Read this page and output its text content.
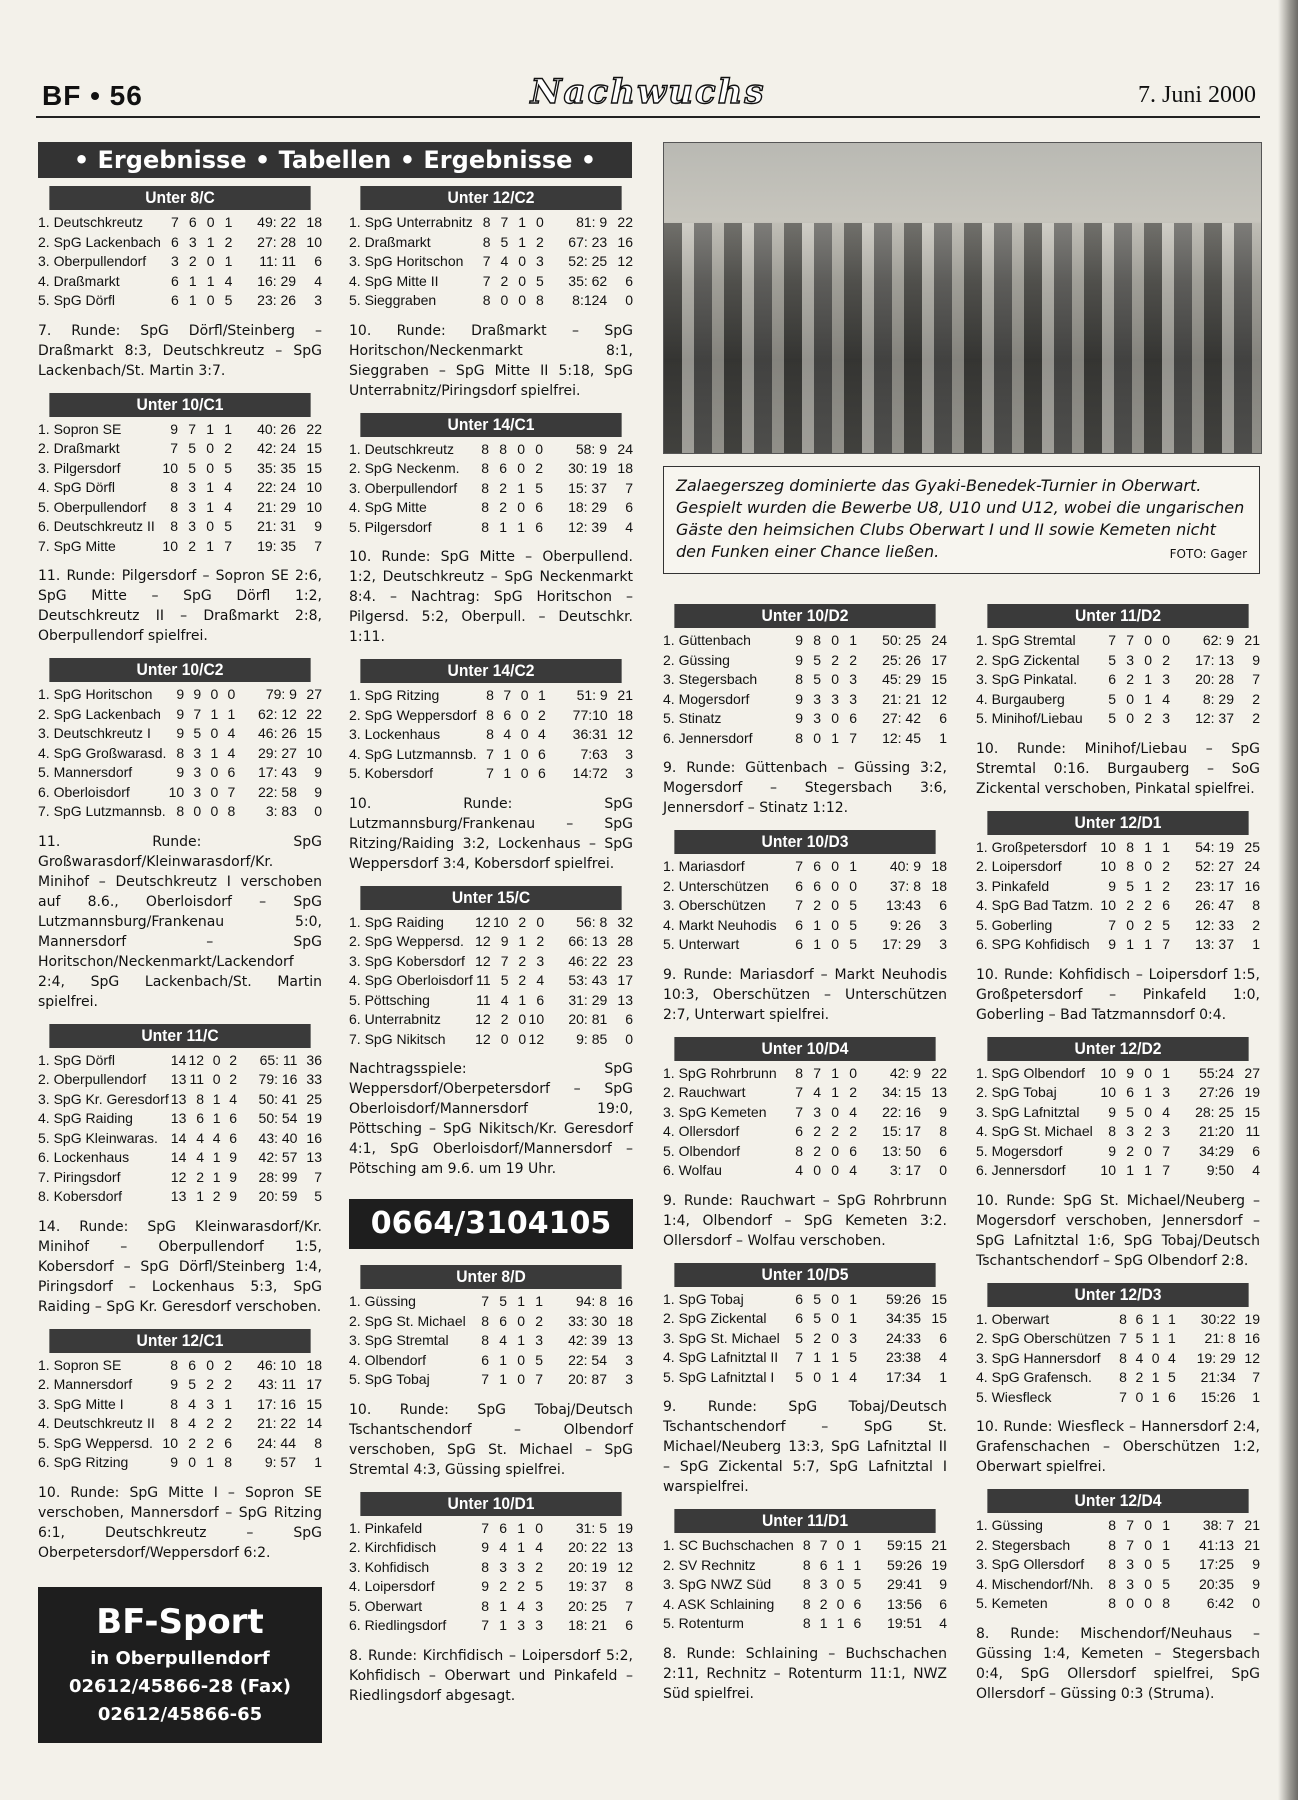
BF • 56	Nachwuchs	7. Juni 2000
• Ergebnisse • Tabellen • Ergebnisse •
Unter 8/C
1. Deutschkreutz	7	6	0	1	49: 22	18
2. SpG Lackenbach	6	3	1	2	27: 28	10
3. Oberpullendorf	3	2	0	1	11: 11	6
4. Draßmarkt	6	1	1	4	16: 29	4
5. SpG Dörfl	6	1	0	5	23: 26	3
7. Runde: SpG Dörfl/Steinberg – Draßmarkt 8:3, Deutschkreutz – SpG Lackenbach/St. Martin 3:7.
Unter 10/C1
1. Sopron SE	9	7	1	1	40: 26	22
2. Draßmarkt	7	5	0	2	42: 24	15
3. Pilgersdorf	10	5	0	5	35: 35	15
4. SpG Dörfl	8	3	1	4	22: 24	10
5. Oberpullendorf	8	3	1	4	21: 29	10
6. Deutschkreutz II	8	3	0	5	21: 31	9
7. SpG Mitte	10	2	1	7	19: 35	7
11. Runde: Pilgersdorf – Sopron SE 2:6, SpG Mitte – SpG Dörfl 1:2, Deutschkreutz II – Draßmarkt 2:8, Oberpullendorf spielfrei.
Unter 10/C2
1. SpG Horitschon	9	9	0	0	79: 9	27
2. SpG Lackenbach	9	7	1	1	62: 12	22
3. Deutschkreutz I	9	5	0	4	46: 26	15
4. SpG Großwarasd.	8	3	1	4	29: 27	10
5. Mannersdorf	9	3	0	6	17: 43	9
6. Oberloisdorf	10	3	0	7	22: 58	9
7. SpG Lutzmannsb.	8	0	0	8	3: 83	0
11. Runde: SpG Großwarasdorf/Kleinwarasdorf/Kr. Minihof – Deutschkreutz I verschoben auf 8.6., Oberloisdorf – SpG Lutzmannsburg/Frankenau 5:0, Mannersdorf – SpG Horitschon/Neckenmarkt/Lackendorf 2:4, SpG Lackenbach/St. Martin spielfrei.
Unter 11/C
1. SpG Dörfl	14	12	0	2	65: 11	36
2. Oberpullendorf	13	11	0	2	79: 16	33
3. SpG Kr. Geresdorf	13	8	1	4	50: 41	25
4. SpG Raiding	13	6	1	6	50: 54	19
5. SpG Kleinwaras.	14	4	4	6	43: 40	16
6. Lockenhaus	14	4	1	9	42: 57	13
7. Piringsdorf	12	2	1	9	28: 99	7
8. Kobersdorf	13	1	2	9	20: 59	5
14. Runde: SpG Kleinwarasdorf/Kr. Minihof – Oberpullendorf 1:5, Kobersdorf – SpG Dörfl/Steinberg 1:4, Piringsdorf – Lockenhaus 5:3, SpG Raiding – SpG Kr. Geresdorf verschoben.
Unter 12/C1
1. Sopron SE	8	6	0	2	46: 10	18
2. Mannersdorf	9	5	2	2	43: 11	17
3. SpG Mitte I	8	4	3	1	17: 16	15
4. Deutschkreutz II	8	4	2	2	21: 22	14
5. SpG Weppersd.	10	2	2	6	24: 44	8
6. SpG Ritzing	9	0	1	8	9: 57	1
10. Runde: SpG Mitte I – Sopron SE verschoben, Mannersdorf – SpG Ritzing 6:1, Deutschkreutz – SpG Oberpetersdorf/Weppersdorf 6:2.
BF-Sport
in Oberpullendorf
02612/45866-28 (Fax)
02612/45866-65
Unter 12/C2
1. SpG Unterrabnitz	8	7	1	0	81: 9	22
2. Draßmarkt	8	5	1	2	67: 23	16
3. SpG Horitschon	7	4	0	3	52: 25	12
4. SpG Mitte II	7	2	0	5	35: 62	6
5. Sieggraben	8	0	0	8	8:124	0
10. Runde: Draßmarkt – SpG Horitschon/Neckenmarkt 8:1, Sieggraben – SpG Mitte II 5:18, SpG Unterrabnitz/Piringsdorf spielfrei.
Unter 14/C1
1. Deutschkreutz	8	8	0	0	58: 9	24
2. SpG Neckenm.	8	6	0	2	30: 19	18
3. Oberpullendorf	8	2	1	5	15: 37	7
4. SpG Mitte	8	2	0	6	18: 29	6
5. Pilgersdorf	8	1	1	6	12: 39	4
10. Runde: SpG Mitte – Oberpullend. 1:2, Deutschkreutz – SpG Neckenmarkt 8:4. – Nachtrag: SpG Horitschon – Pilgersd. 5:2, Oberpull. – Deutschkr. 1:11.
Unter 14/C2
1. SpG Ritzing	8	7	0	1	51: 9	21
2. SpG Weppersdorf	8	6	0	2	77:10	18
3. Lockenhaus	8	4	0	4	36:31	12
4. SpG Lutzmannsb.	7	1	0	6	7:63	3
5. Kobersdorf	7	1	0	6	14:72	3
10. Runde: SpG Lutzmannsburg/Frankenau – SpG Ritzing/Raiding 3:2, Lockenhaus – SpG Weppersdorf 3:4, Kobersdorf spielfrei.
Unter 15/C
1. SpG Raiding	12	10	2	0	56: 8	32
2. SpG Weppersd.	12	9	1	2	66: 13	28
3. SpG Kobersdorf	12	7	2	3	46: 22	23
4. SpG Oberloisdorf	11	5	2	4	53: 43	17
5. Pöttsching	11	4	1	6	31: 29	13
6. Unterrabnitz	12	2	0	10	20: 81	6
7. SpG Nikitsch	12	0	0	12	9: 85	0
Nachtragsspiele: SpG Weppersdorf/Oberpetersdorf – SpG Oberloisdorf/Mannersdorf 19:0, Pöttsching – SpG Nikitsch/Kr. Geresdorf 4:1, SpG Oberloisdorf/Mannersdorf – Pötsching am 9.6. um 19 Uhr.
0664/3104105
Unter 8/D
1. Güssing	7	5	1	1	94: 8	16
2. SpG St. Michael	8	6	0	2	33: 30	18
3. SpG Stremtal	8	4	1	3	42: 39	13
4. Olbendorf	6	1	0	5	22: 54	3
5. SpG Tobaj	7	1	0	7	20: 87	3
10. Runde: SpG Tobaj/Deutsch Tschantschendorf – Olbendorf verschoben, SpG St. Michael – SpG Stremtal 4:3, Güssing spielfrei.
Unter 10/D1
1. Pinkafeld	7	6	1	0	31: 5	19
2. Kirchfidisch	9	4	1	4	20: 22	13
3. Kohfidisch	8	3	3	2	20: 19	12
4. Loipersdorf	9	2	2	5	19: 37	8
5. Oberwart	8	1	4	3	20: 25	7
6. Riedlingsdorf	7	1	3	3	18: 21	6
8. Runde: Kirchfidisch – Loipersdorf 5:2, Kohfidisch – Oberwart und Pinkafeld – Riedlingsdorf abgesagt.
Zalaegerszeg dominierte das Gyaki-Benedek-Turnier in Oberwart. Gespielt wurden die Bewerbe U8, U10 und U12, wobei die ungarischen Gäste den heimsichen Clubs Oberwart I und II sowie Kemeten nicht den Funken einer Chance ließen.	FOTO: Gager
Unter 10/D2
1. Güttenbach	9	8	0	1	50: 25	24
2. Güssing	9	5	2	2	25: 26	17
3. Stegersbach	8	5	0	3	45: 29	15
4. Mogersdorf	9	3	3	3	21: 21	12
5. Stinatz	9	3	0	6	27: 42	6
6. Jennersdorf	8	0	1	7	12: 45	1
9. Runde: Güttenbach – Güssing 3:2, Mogersdorf – Stegersbach 3:6, Jennersdorf – Stinatz 1:12.
Unter 10/D3
1. Mariasdorf	7	6	0	1	40: 9	18
2. Unterschützen	6	6	0	0	37: 8	18
3. Oberschützen	7	2	0	5	13:43	6
4. Markt Neuhodis	6	1	0	5	9: 26	3
5. Unterwart	6	1	0	5	17: 29	3
9. Runde: Mariasdorf – Markt Neuhodis 10:3, Oberschützen – Unterschützen 2:7, Unterwart spielfrei.
Unter 10/D4
1. SpG Rohrbrunn	8	7	1	0	42: 9	22
2. Rauchwart	7	4	1	2	34: 15	13
3. SpG Kemeten	7	3	0	4	22: 16	9
4. Ollersdorf	6	2	2	2	15: 17	8
5. Olbendorf	8	2	0	6	13: 50	6
6. Wolfau	4	0	0	4	3: 17	0
9. Runde: Rauchwart – SpG Rohrbrunn 1:4, Olbendorf – SpG Kemeten 3:2. Ollersdorf – Wolfau verschoben.
Unter 10/D5
1. SpG Tobaj	6	5	0	1	59:26	15
2. SpG Zickental	6	5	0	1	34:35	15
3. SpG St. Michael	5	2	0	3	24:33	6
4. SpG Lafnitztal II	7	1	1	5	23:38	4
5. SpG Lafnitztal I	5	0	1	4	17:34	1
9. Runde: SpG Tobaj/Deutsch Tschantschendorf – SpG St. Michael/Neuberg 13:3, SpG Lafnitztal II – SpG Zickental 5:7, SpG Lafnitztal I warspielfrei.
Unter 11/D1
1. SC Buchschachen	8	7	0	1	59:15	21
2. SV Rechnitz	8	6	1	1	59:26	19
3. SpG NWZ Süd	8	3	0	5	29:41	9
4. ASK Schlaining	8	2	0	6	13:56	6
5. Rotenturm	8	1	1	6	19:51	4
8. Runde: Schlaining – Buchschachen 2:11, Rechnitz – Rotenturm 11:1, NWZ Süd spielfrei.
Unter 11/D2
1. SpG Stremtal	7	7	0	0	62: 9	21
2. SpG Zickental	5	3	0	2	17: 13	9
3. SpG Pinkatal.	6	2	1	3	20: 28	7
4. Burgauberg	5	0	1	4	8: 29	2
5. Minihof/Liebau	5	0	2	3	12: 37	2
10. Runde: Minihof/Liebau – SpG Stremtal 0:16. Burgauberg – SoG Zickental verschoben, Pinkatal spielfrei.
Unter 12/D1
1. Großpetersdorf	10	8	1	1	54: 19	25
2. Loipersdorf	10	8	0	2	52: 27	24
3. Pinkafeld	9	5	1	2	23: 17	16
4. SpG Bad Tatzm.	10	2	2	6	26: 47	8
5. Goberling	7	0	2	5	12: 33	2
6. SPG Kohfidisch	9	1	1	7	13: 37	1
10. Runde: Kohfidisch – Loipersdorf 1:5, Großpetersdorf – Pinkafeld 1:0, Goberling – Bad Tatzmannsdorf 0:4.
Unter 12/D2
1. SpG Olbendorf	10	9	0	1	55:24	27
2. SpG Tobaj	10	6	1	3	27:26	19
3. SpG Lafnitztal	9	5	0	4	28: 25	15
4. SpG St. Michael	8	3	2	3	21:20	11
5. Mogersdorf	9	2	0	7	34:29	6
6. Jennersdorf	10	1	1	7	9:50	4
10. Runde: SpG St. Michael/Neuberg – Mogersdorf verschoben, Jennersdorf – SpG Lafnitztal 1:6, SpG Tobaj/Deutsch Tschantschendorf – SpG Olbendorf 2:8.
Unter 12/D3
1. Oberwart	8	6	1	1	30:22	19
2. SpG Oberschützen	7	5	1	1	21: 8	16
3. SpG Hannersdorf	8	4	0	4	19: 29	12
4. SpG Grafensch.	8	2	1	5	21:34	7
5. Wiesfleck	7	0	1	6	15:26	1
10. Runde: Wiesfleck – Hannersdorf 2:4, Grafenschachen – Oberschützen 1:2, Oberwart spielfrei.
Unter 12/D4
1. Güssing	8	7	0	1	38: 7	21
2. Stegersbach	8	7	0	1	41:13	21
3. SpG Ollersdorf	8	3	0	5	17:25	9
4. Mischendorf/Nh.	8	3	0	5	20:35	9
5. Kemeten	8	0	0	8	6:42	0
8. Runde: Mischendorf/Neuhaus – Güssing 1:4, Kemeten – Stegersbach 0:4, SpG Ollersdorf spielfrei, SpG Ollersdorf – Güssing 0:3 (Struma).
